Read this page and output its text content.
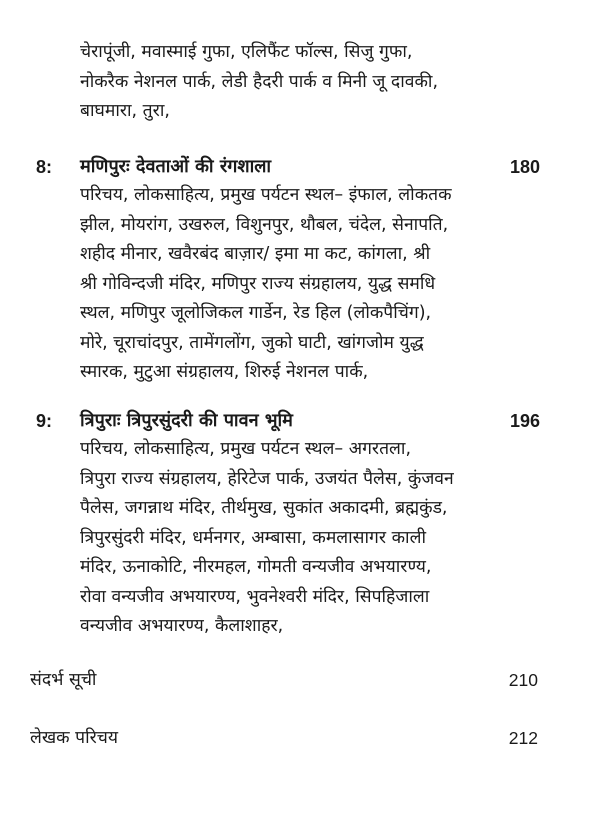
चेरापूंजी, मवास्माई गुफा, एलिफैंट फॉल्स, सिजु गुफा,
नोकरैक नेशनल पार्क, लेडी हैदरी पार्क व मिनी जू दावकी,
बाघमारा, तुरा,
8: मणिपुरः देवताओं की रंगशाला	180
परिचय, लोकसाहित्य, प्रमुख पर्यटन स्थल– इंफाल, लोकतक
झील, मोयरांग, उखरुल, विशुनपुर, थौबल, चंदेल, सेनापति,
शहीद मीनार, खवैरबंद बाज़ार/ इमा मा कट, कांगला, श्री
श्री गोविन्दजी मंदिर, मणिपुर राज्य संग्रहालय, युद्ध समधि
स्थल, मणिपुर जूलोजिकल गार्डेन, रेड हिल (लोकपैचिंग),
मोरे, चूराचांदपुर, तामेंगलोंग, जुको घाटी, खांगजोम युद्ध
स्मारक, मुटुआ संग्रहालय, शिरुई नेशनल पार्क,
9: त्रिपुराः त्रिपुरसुंदरी की पावन भूमि	196
परिचय, लोकसाहित्य, प्रमुख पर्यटन स्थल– अगरतला,
त्रिपुरा राज्य संग्रहालय, हेरिटेज पार्क, उजयंत पैलेस, कुंजवन
पैलेस, जगन्नाथ मंदिर, तीर्थमुख, सुकांत अकादमी, ब्रह्मकुंड,
त्रिपुरसुंदरी मंदिर, धर्मनगर, अम्बासा, कमलासागर काली
मंदिर, ऊनाकोटि, नीरमहल, गोमती वन्यजीव अभयारण्य,
रोवा वन्यजीव अभयारण्य, भुवनेश्वरी मंदिर, सिपहिजाला
वन्यजीव अभयारण्य, कैलाशाहर,
संदर्भ सूची	210
लेखक परिचय	212
